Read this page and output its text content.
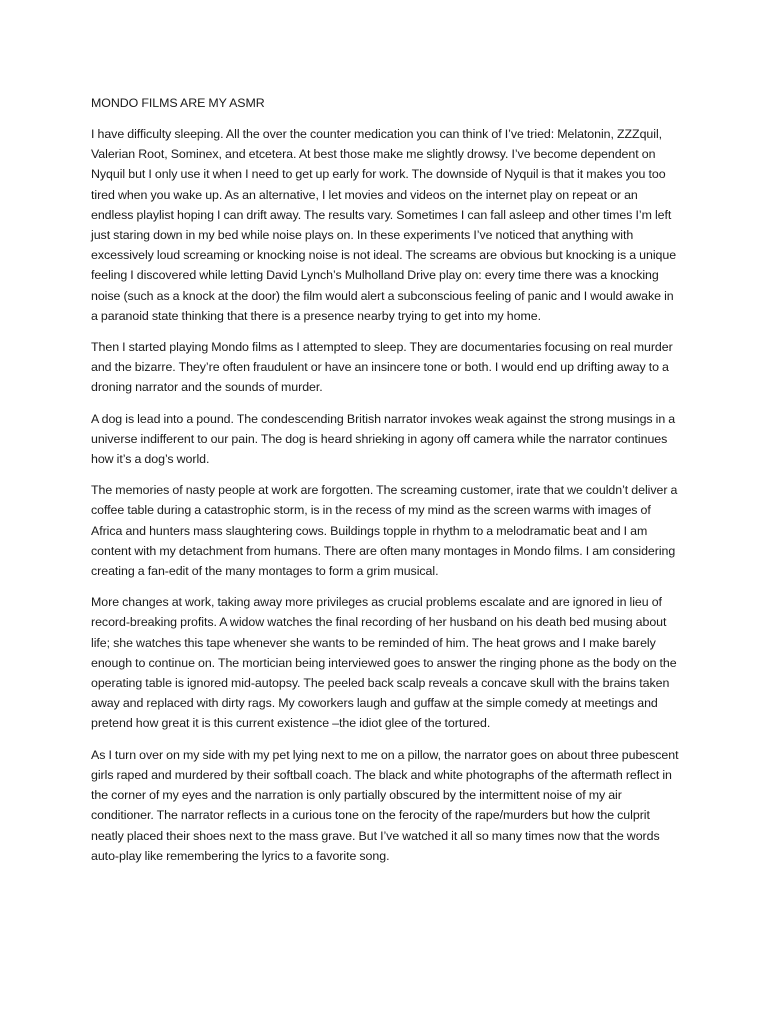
MONDO FILMS ARE MY ASMR

I have difficulty sleeping. All the over the counter medication you can think of I’ve tried: Melatonin, ZZZquil, Valerian Root, Sominex, and etcetera. At best those make me slightly drowsy. I’ve become dependent on Nyquil but I only use it when I need to get up early for work. The downside of Nyquil is that it makes you too tired when you wake up. As an alternative, I let movies and videos on the internet play on repeat or an endless playlist hoping I can drift away. The results vary. Sometimes I can fall asleep and other times I’m left just staring down in my bed while noise plays on. In these experiments I’ve noticed that anything with excessively loud screaming or knocking noise is not ideal. The screams are obvious but knocking is a unique feeling I discovered while letting David Lynch’s Mulholland Drive play on: every time there was a knocking noise (such as a knock at the door) the film would alert a subconscious feeling of panic and I would awake in a paranoid state thinking that there is a presence nearby trying to get into my home.

Then I started playing Mondo films as I attempted to sleep. They are documentaries focusing on real murder and the bizarre. They’re often fraudulent or have an insincere tone or both. I would end up drifting away to a droning narrator and the sounds of murder.

A dog is lead into a pound. The condescending British narrator invokes weak against the strong musings in a universe indifferent to our pain. The dog is heard shrieking in agony off camera while the narrator continues how it’s a dog’s world.

The memories of nasty people at work are forgotten. The screaming customer, irate that we couldn’t deliver a coffee table during a catastrophic storm, is in the recess of my mind as the screen warms with images of Africa and hunters mass slaughtering cows. Buildings topple in rhythm to a melodramatic beat and I am content with my detachment from humans. There are often many montages in Mondo films. I am considering creating a fan-edit of the many montages to form a grim musical.

More changes at work, taking away more privileges as crucial problems escalate and are ignored in lieu of record-breaking profits. A widow watches the final recording of her husband on his death bed musing about life; she watches this tape whenever she wants to be reminded of him. The heat grows and I make barely enough to continue on. The mortician being interviewed goes to answer the ringing phone as the body on the operating table is ignored mid-autopsy. The peeled back scalp reveals a concave skull with the brains taken away and replaced with dirty rags. My coworkers laugh and guffaw at the simple comedy at meetings and pretend how great it is this current existence –the idiot glee of the tortured.

As I turn over on my side with my pet lying next to me on a pillow, the narrator goes on about three pubescent girls raped and murdered by their softball coach. The black and white photographs of the aftermath reflect in the corner of my eyes and the narration is only partially obscured by the intermittent noise of my air conditioner. The narrator reflects in a curious tone on the ferocity of the rape/murders but how the culprit neatly placed their shoes next to the mass grave. But I’ve watched it all so many times now that the words auto-play like remembering the lyrics to a favorite song.
